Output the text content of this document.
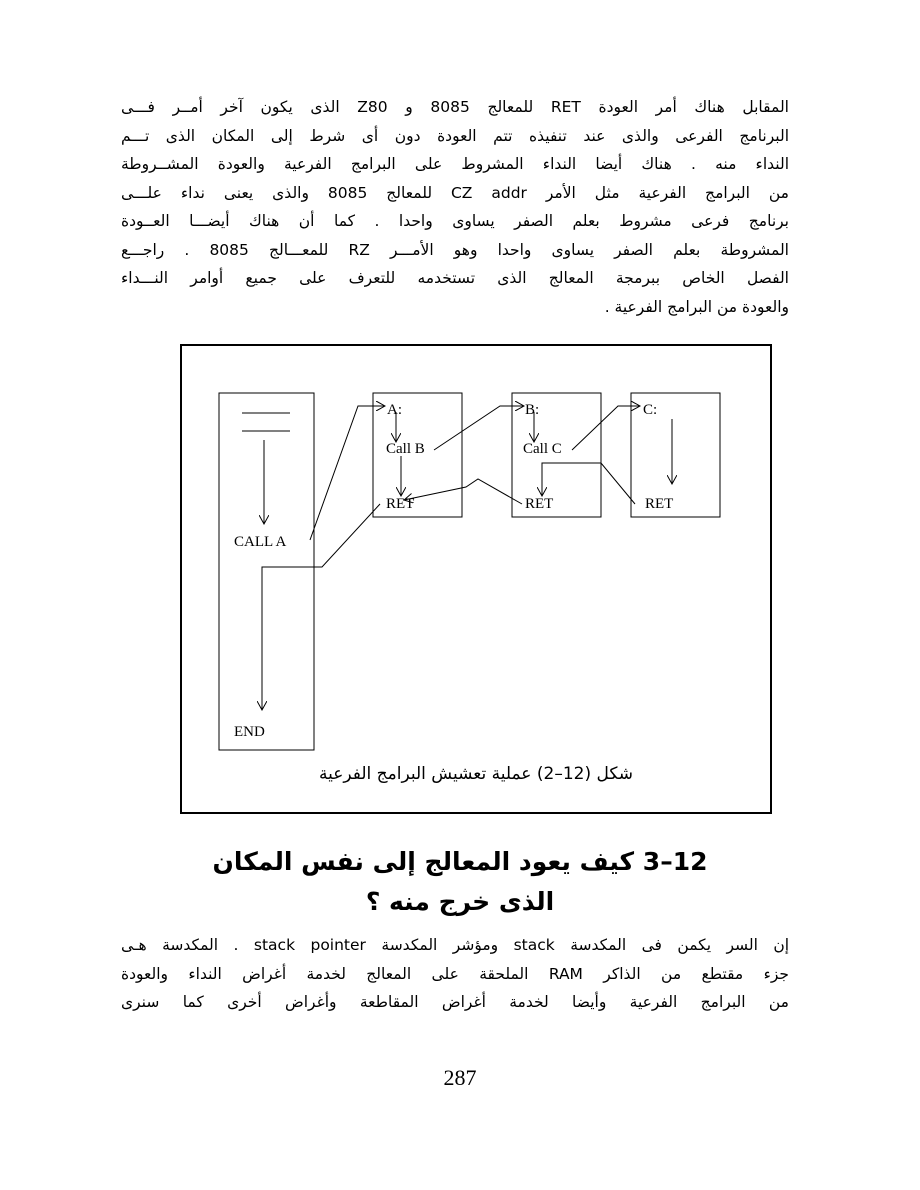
المقابل هناك أمر العودة RET للمعالج 8085 و Z80 الذى يكون آخر أمــر فـــى
البرنامج الفرعى والذى عند تنفيذه تتم العودة دون أى شرط إلى المكان الذى تـــم
النداء منه . هناك أيضا النداء المشروط على البرامج الفرعية والعودة المشــروطة
من البرامج الفرعية مثل الأمر CZ addr للمعالج 8085 والذى يعنى نداء علـــى
برنامج فرعى مشروط بعلم الصفر يساوى واحدا . كما أن هناك أيضـــا العــودة
المشروطة بعلم الصفر يساوى واحدا وهو الأمـــر RZ للمعـــالج 8085 . راجـــع
الفصل الخاص ببرمجة المعالج الذى تستخدمه للتعرف على جميع أوامر النـــداء
والعودة من البرامج الفرعية .
CALL A
END
A:
Call B
RET
B:
Call C
RET
C:
RET
شكل (12–2) عملية تعشيش البرامج الفرعية
12–3 كيف يعود المعالج إلى نفس المكان
الذى خرج منه ؟
إن السر يكمن فى المكدسة stack ومؤشر المكدسة stack pointer . المكدسة هـى
جزء مقتطع من الذاكر RAM الملحقة على المعالج لخدمة أغراض النداء والعودة
من البرامج الفرعية وأيضا لخدمة أغراض المقاطعة وأغراض أخرى كما سنرى
287
